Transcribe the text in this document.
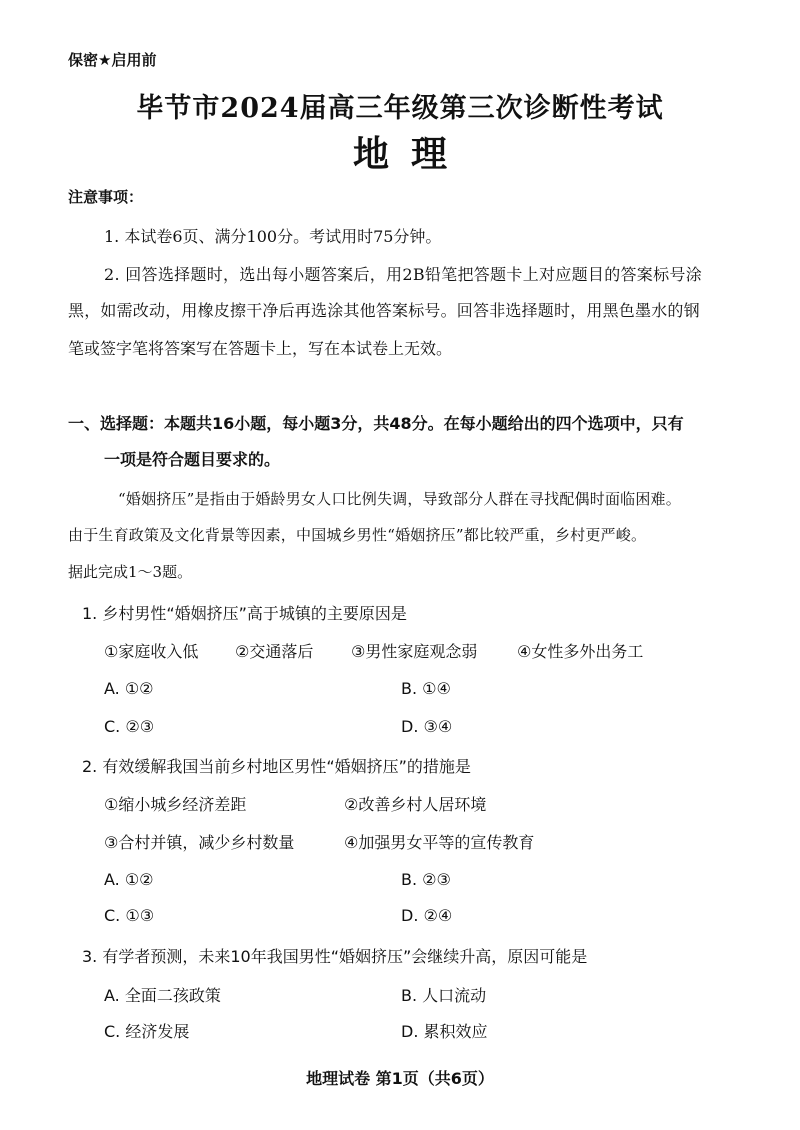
保密★启用前
毕节市2024届高三年级第三次诊断性考试
地理
注意事项：
1. 本试卷6页、满分100分。考试用时75分钟。
2. 回答选择题时，选出每小题答案后，用2B铅笔把答题卡上对应题目的答案标号涂
黑，如需改动，用橡皮擦干净后再选涂其他答案标号。回答非选择题时，用黑色墨水的钢
笔或签字笔将答案写在答题卡上，写在本试卷上无效。
一、选择题：本题共16小题，每小题3分，共48分。在每小题给出的四个选项中，只有
一项是符合题目要求的。
“婚姻挤压”是指由于婚龄男女人口比例失调，导致部分人群在寻找配偶时面临困难。
由于生育政策及文化背景等因素，中国城乡男性“婚姻挤压”都比较严重，乡村更严峻。
据此完成1～3题。
1. 乡村男性“婚姻挤压”高于城镇的主要原因是
①家庭收入低 ②交通落后 ③男性家庭观念弱 ④女性多外出务工
A. ①②	B. ①④
C. ②③	D. ③④
2. 有效缓解我国当前乡村地区男性“婚姻挤压”的措施是
①缩小城乡经济差距	②改善乡村人居环境
③合村并镇，减少乡村数量	④加强男女平等的宣传教育
A. ①②	B. ②③
C. ①③	D. ②④
3. 有学者预测，未来10年我国男性“婚姻挤压”会继续升高，原因可能是
A. 全面二孩政策	B. 人口流动
C. 经济发展	D. 累积效应
地理试卷 第1页（共6页）
